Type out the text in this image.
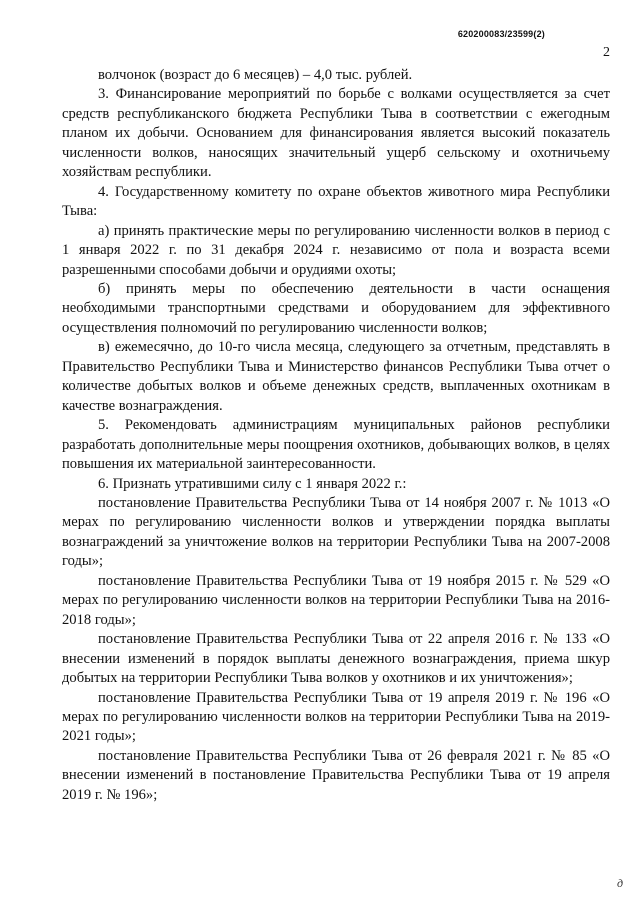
620200083/23599(2)
2

волчонок (возраст до 6 месяцев) – 4,0 тыс. рублей.

3. Финансирование мероприятий по борьбе с волками осуществляется за счет средств республиканского бюджета Республики Тыва в соответствии с ежегодным планом их добычи. Основанием для финансирования является высокий показатель численности волков, наносящих значительный ущерб сельскому и охотничьему хозяйствам республики.

4. Государственному комитету по охране объектов животного мира Республики Тыва:

а) принять практические меры по регулированию численности волков в период с 1 января 2022 г. по 31 декабря 2024 г. независимо от пола и возраста всеми разрешенными способами добычи и орудиями охоты;

б) принять меры по обеспечению деятельности в части оснащения необходимыми транспортными средствами и оборудованием для эффективного осуществления полномочий по регулированию численности волков;

в) ежемесячно, до 10-го числа месяца, следующего за отчетным, представлять в Правительство Республики Тыва и Министерство финансов Республики Тыва отчет о количестве добытых волков и объеме денежных средств, выплаченных охотникам в качестве вознаграждения.

5. Рекомендовать администрациям муниципальных районов республики разработать дополнительные меры поощрения охотников, добывающих волков, в целях повышения их материальной заинтересованности.

6. Признать утратившими силу с 1 января 2022 г.:

постановление Правительства Республики Тыва от 14 ноября 2007 г. № 1013 «О мерах по регулированию численности волков и утверждении порядка выплаты вознаграждений за уничтожение волков на территории Республики Тыва на 2007-2008 годы»;

постановление Правительства Республики Тыва от 19 ноября 2015 г. № 529 «О мерах по регулированию численности волков на территории Республики Тыва на 2016-2018 годы»;

постановление Правительства Республики Тыва от 22 апреля 2016 г. № 133 «О внесении изменений в порядок выплаты денежного вознаграждения, приема шкур добытых на территории Республики Тыва волков у охотников и их уничтожения»;

постановление Правительства Республики Тыва от 19 апреля 2019 г. № 196 «О мерах по регулированию численности волков на территории Республики Тыва на 2019-2021 годы»;

постановление Правительства Республики Тыва от 26 февраля 2021 г. № 85 «О внесении изменений в постановление Правительства Республики Тыва от 19 апреля 2019 г. № 196»;

д
